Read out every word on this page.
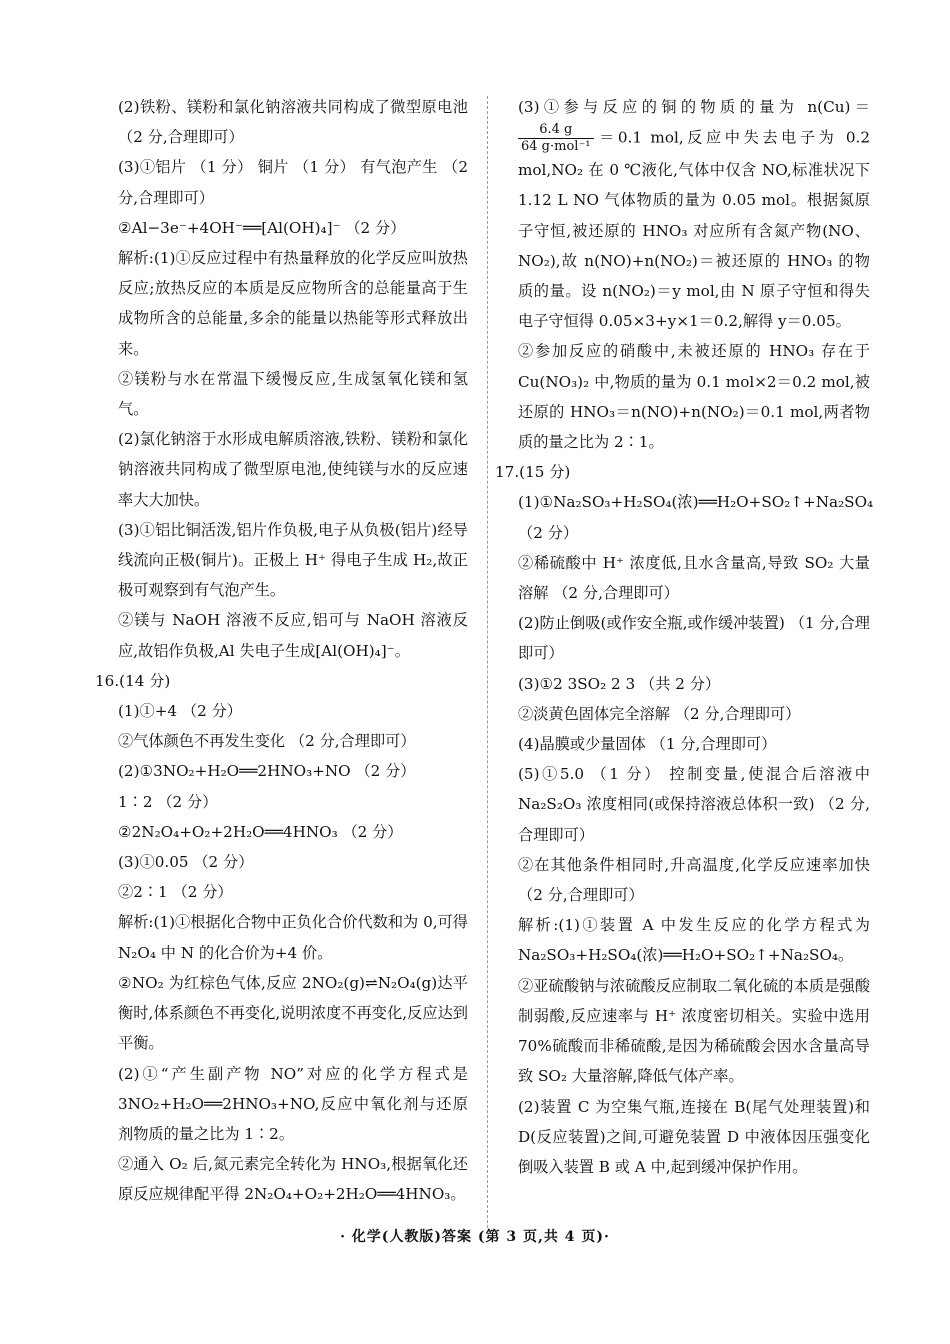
(2)铁粉、镁粉和氯化钠溶液共同构成了微型原电池 （2 分,合理即可）

(3)①铝片 （1 分） 铜片 （1 分） 有气泡产生 （2 分,合理即可）

②Al−3e⁻+4OH⁻══[Al(OH)₄]⁻ （2 分）

解析:(1)①反应过程中有热量释放的化学反应叫放热反应;放热反应的本质是反应物所含的总能量高于生成物所含的总能量,多余的能量以热能等形式释放出来。

②镁粉与水在常温下缓慢反应,生成氢氧化镁和氢气。

(2)氯化钠溶于水形成电解质溶液,铁粉、镁粉和氯化钠溶液共同构成了微型原电池,使纯镁与水的反应速率大大加快。

(3)①铝比铜活泼,铝片作负极,电子从负极(铝片)经导线流向正极(铜片)。正极上 H⁺ 得电子生成 H₂,故正极可观察到有气泡产生。

②镁与 NaOH 溶液不反应,铝可与 NaOH 溶液反应,故铝作负极,Al 失电子生成[Al(OH)₄]⁻。

16.(14 分)

(1)①+4 （2 分）

②气体颜色不再发生变化 （2 分,合理即可）

(2)①3NO₂+H₂O══2HNO₃+NO （2 分）

1∶2 （2 分）

②2N₂O₄+O₂+2H₂O══4HNO₃ （2 分）

(3)①0.05 （2 分）

②2∶1 （2 分）

解析:(1)①根据化合物中正负化合价代数和为 0,可得 N₂O₄ 中 N 的化合价为+4 价。

②NO₂ 为红棕色气体,反应 2NO₂(g)⇌N₂O₄(g)达平衡时,体系颜色不再变化,说明浓度不再变化,反应达到平衡。

(2)①“产生副产物 NO”对应的化学方程式是 3NO₂+H₂O══2HNO₃+NO,反应中氧化剂与还原剂物质的量之比为 1∶2。

②通入 O₂ 后,氮元素完全转化为 HNO₃,根据氧化还原反应规律配平得 2N₂O₄+O₂+2H₂O══4HNO₃。

(3)①参与反应的铜的物质的量为 n(Cu)＝
$\frac{6.4 g}{\text{64 g·mol⁻¹}} =0.1$ mol,反应中失去电子为 0.2 mol,NO₂ 在 0 ℃液化,气体中仅含 NO,标准状况下 1.12 L NO 气体物质的量为 0.05 mol。根据氮原子守恒,被还原的 HNO₃ 对应所有含氮产物(NO、NO₂),故 n(NO)+n(NO₂)＝被还原的 HNO₃ 的物质的量。设 n(NO₂)＝y mol,由 N 原子守恒和得失电子守恒得 0.05×3+y×1＝0.2,解得 y＝0.05。

②参加反应的硝酸中,未被还原的 HNO₃ 存在于 Cu(NO₃)₂ 中,物质的量为 0.1 mol×2＝0.2 mol,被还原的 HNO₃＝n(NO)+n(NO₂)＝0.1 mol,两者物质的量之比为 2∶1。

17.(15 分)

(1)①Na₂SO₃+H₂SO₄(浓)══H₂O+SO₂↑+Na₂SO₄ （2 分）

②稀硫酸中 H⁺ 浓度低,且水含量高,导致 SO₂ 大量溶解 （2 分,合理即可）

(2)防止倒吸(或作安全瓶,或作缓冲装置) （1 分,合理即可）

(3)①2 3SO₂ 2 3 （共 2 分）

②淡黄色固体完全溶解 （2 分,合理即可）

(4)晶膜或少量固体 （1 分,合理即可）

(5)①5.0 （1 分） 控制变量,使混合后溶液中 Na₂S₂O₃ 浓度相同(或保持溶液总体积一致) （2 分,合理即可）

②在其他条件相同时,升高温度,化学反应速率加快 （2 分,合理即可）

解析:(1)①装置 A 中发生反应的化学方程式为 Na₂SO₃+H₂SO₄(浓)══H₂O+SO₂↑+Na₂SO₄。

②亚硫酸钠与浓硫酸反应制取二氧化硫的本质是强酸制弱酸,反应速率与 H⁺ 浓度密切相关。实验中选用 70%硫酸而非稀硫酸,是因为稀硫酸会因水含量高导致 SO₂ 大量溶解,降低气体产率。

(2)装置 C 为空集气瓶,连接在 B(尾气处理装置)和 D(反应装置)之间,可避免装置 D 中液体因压强变化倒吸入装置 B 或 A 中,起到缓冲保护作用。

· 化学(人教版)答案 (第 3 页,共 4 页)·
